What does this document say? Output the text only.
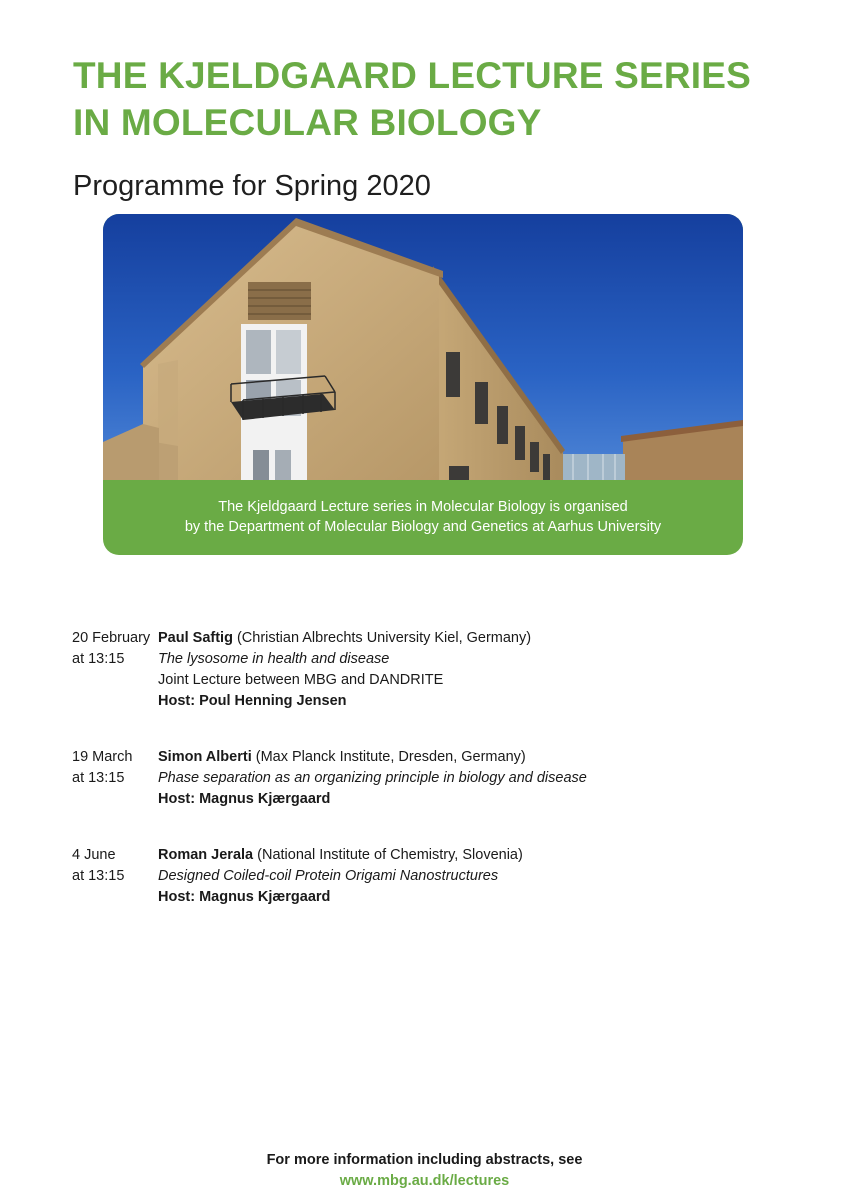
THE KJELDGAARD LECTURE SERIES
IN MOLECULAR BIOLOGY
Programme for Spring 2020
The Kjeldgaard Lecture series in Molecular Biology is organised
by the Department of Molecular Biology and Genetics at Aarhus University
20 February
at 13:15
Paul Saftig (Christian Albrechts University Kiel, Germany)
The lysosome in health and disease
Joint Lecture between MBG and DANDRITE
Host: Poul Henning Jensen
19 March
at 13:15
Simon Alberti (Max Planck Institute, Dresden, Germany)
Phase separation as an organizing principle in biology and disease
Host: Magnus Kjærgaard
4 June
at 13:15
Roman Jerala (National Institute of Chemistry, Slovenia)
Designed Coiled-coil Protein Origami Nanostructures
Host: Magnus Kjærgaard
For more information including abstracts, see
www.mbg.au.dk/lectures
